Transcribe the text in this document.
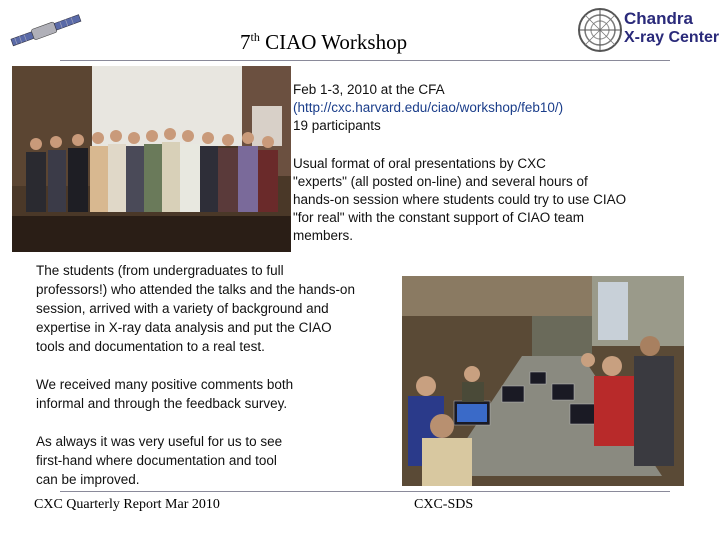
7th CIAO Workshop
Chandra
X-ray Center
Feb 1-3, 2010 at the CFA
(http://cxc.harvard.edu/ciao/workshop/feb10/)
19 participants
Usual format of oral presentations by CXC
"experts" (all posted on-line) and several hours of
hands-on session where students could try to use CIAO
"for real" with the constant support of CIAO team
members.
The students (from undergraduates to full
professors!) who attended the talks and the hands-on
session, arrived with a variety of background and
expertise in X-ray data analysis and put the CIAO
tools and documentation to a real test.
We received many positive comments both
informal and through the feedback survey.
As always it was very useful for us to see
first-hand where documentation and tool
can be improved.
CXC Quarterly Report Mar 2010	CXC-SDS
